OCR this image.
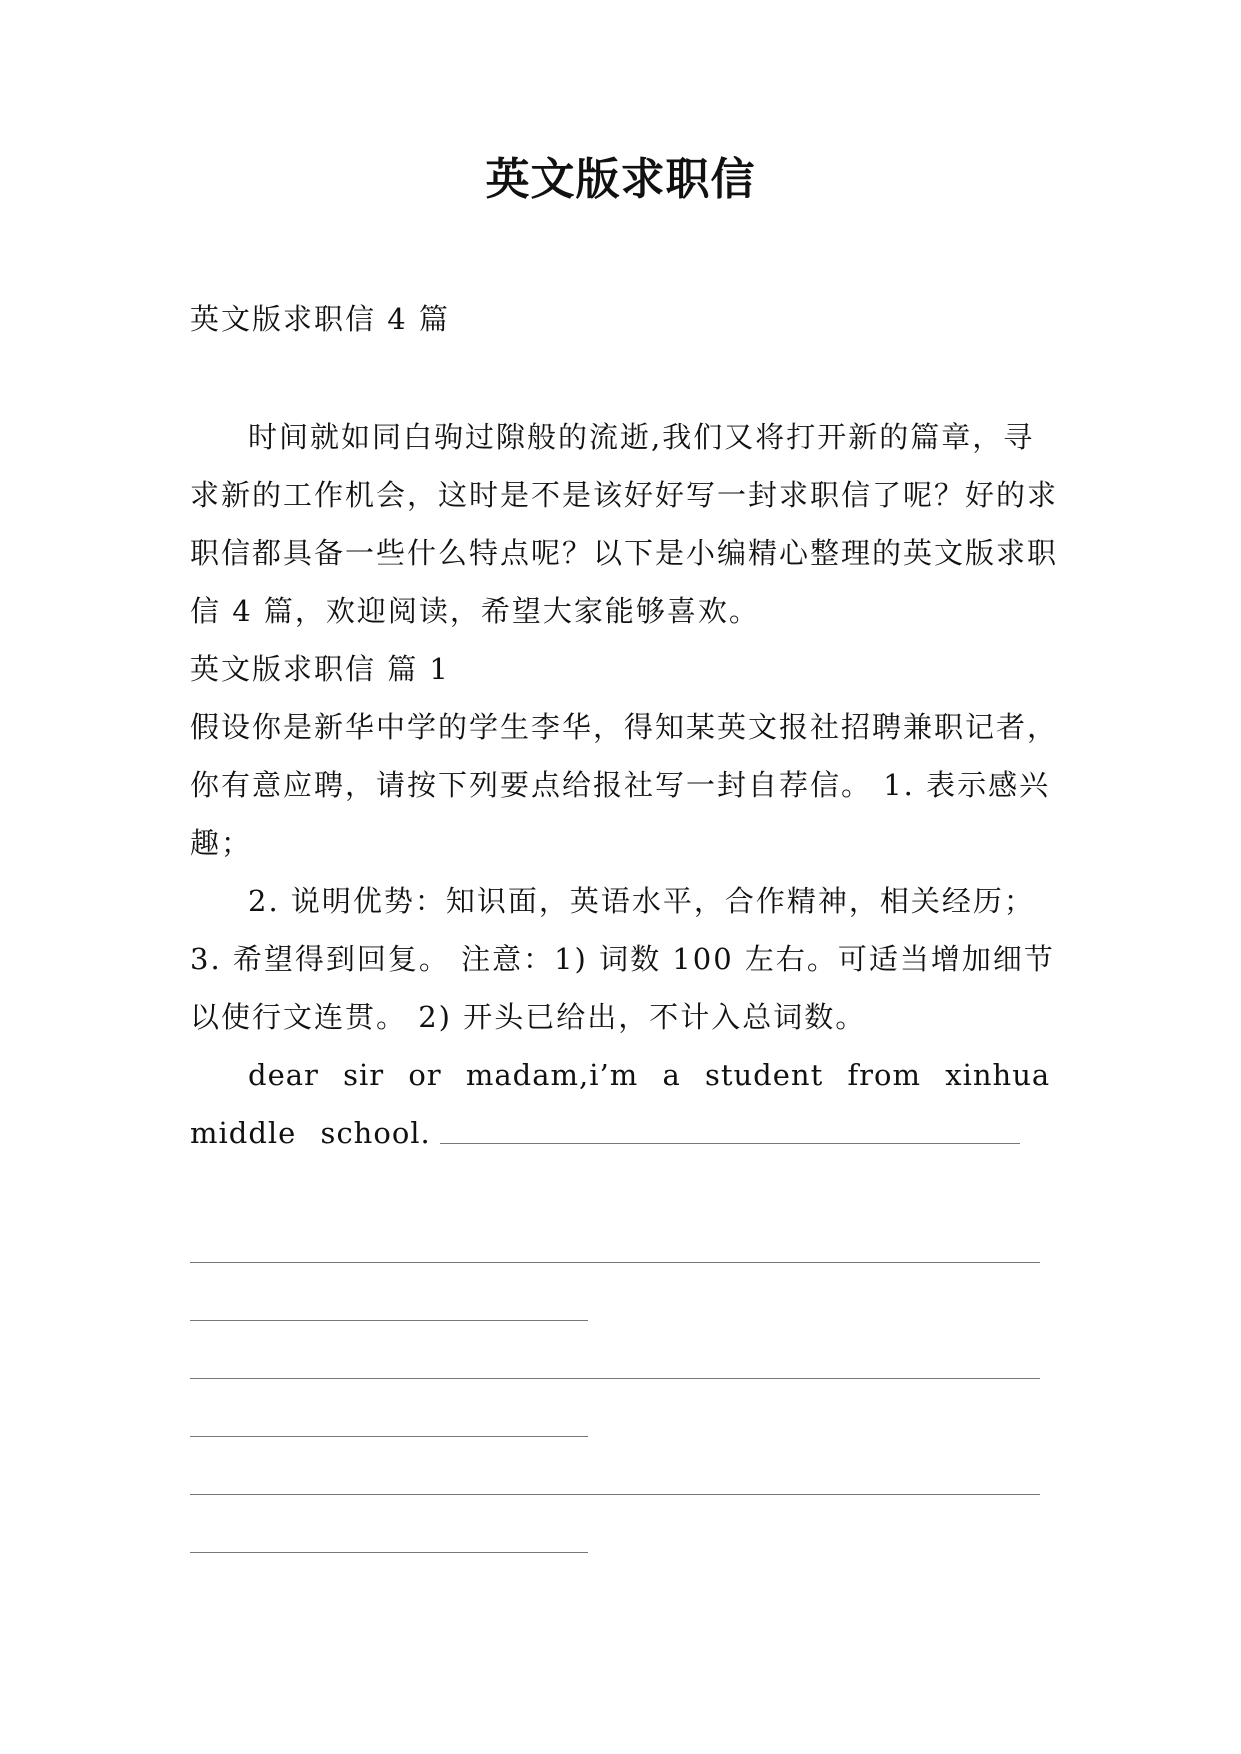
英文版求职信
英文版求职信 4 篇
时间就如同白驹过隙般的流逝,我们又将打开新的篇章，寻求新的工作机会，这时是不是该好好写一封求职信了呢？好的求职信都具备一些什么特点呢？以下是小编精心整理的英文版求职信 4 篇，欢迎阅读，希望大家能够喜欢。
英文版求职信 篇 1
假设你是新华中学的学生李华，得知某英文报社招聘兼职记者，你有意应聘，请按下列要点给报社写一封自荐信。 1. 表示感兴趣；
2. 说明优势：知识面，英语水平，合作精神，相关经历； 3. 希望得到回复。 注意：1) 词数 100 左右。可适当增加细节以使行文连贯。 2) 开头已给出，不计入总词数。
dear sir or madam,i’m a student from xinhua middle school.
